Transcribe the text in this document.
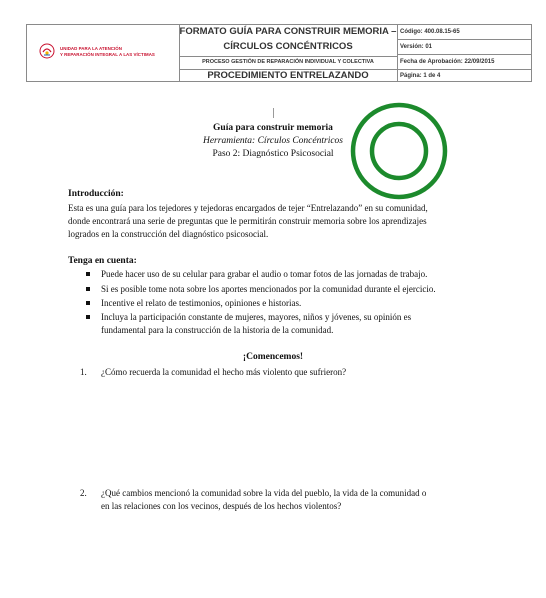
UNIDAD PARA LA ATENCIÓN
Y REPARACIÓN INTEGRAL A LAS VÍCTIMAS
FORMATO GUÍA PARA CONSTRUIR MEMORIA –
CÍRCULOS CONCÉNTRICOS
PROCESO GESTIÓN DE REPARACIÓN INDIVIDUAL Y COLECTIVA
PROCEDIMIENTO ENTRELAZANDO
Código: 400.08.15-65
Versión: 01
Fecha de Aprobación: 22/09/2015
Página: 1 de 4
Guía para construir memoria
Herramienta: Círculos Concéntricos
Paso 2: Diagnóstico Psicosocial
Introducción:
Esta es una guía para los tejedores y tejedoras encargados de tejer “Entrelazando” en su comunidad,
donde encontrará una serie de preguntas que le permitirán construir memoria sobre los aprendizajes
logrados en la construcción del diagnóstico psicosocial.
Tenga en cuenta:
Puede hacer uso de su celular para grabar el audio o tomar fotos de las jornadas de trabajo.
Si es posible tome nota sobre los aportes mencionados por la comunidad durante el ejercicio.
Incentive el relato de testimonios, opiniones e historias.
Incluya la participación constante de mujeres, mayores, niños y jóvenes, su opinión es
fundamental para la construcción de la historia de la comunidad.
¡Comencemos!
1. ¿Cómo recuerda la comunidad el hecho más violento que sufrieron?
2. ¿Qué cambios mencionó la comunidad sobre la vida del pueblo, la vida de la comunidad o
en las relaciones con los vecinos, después de los hechos violentos?
